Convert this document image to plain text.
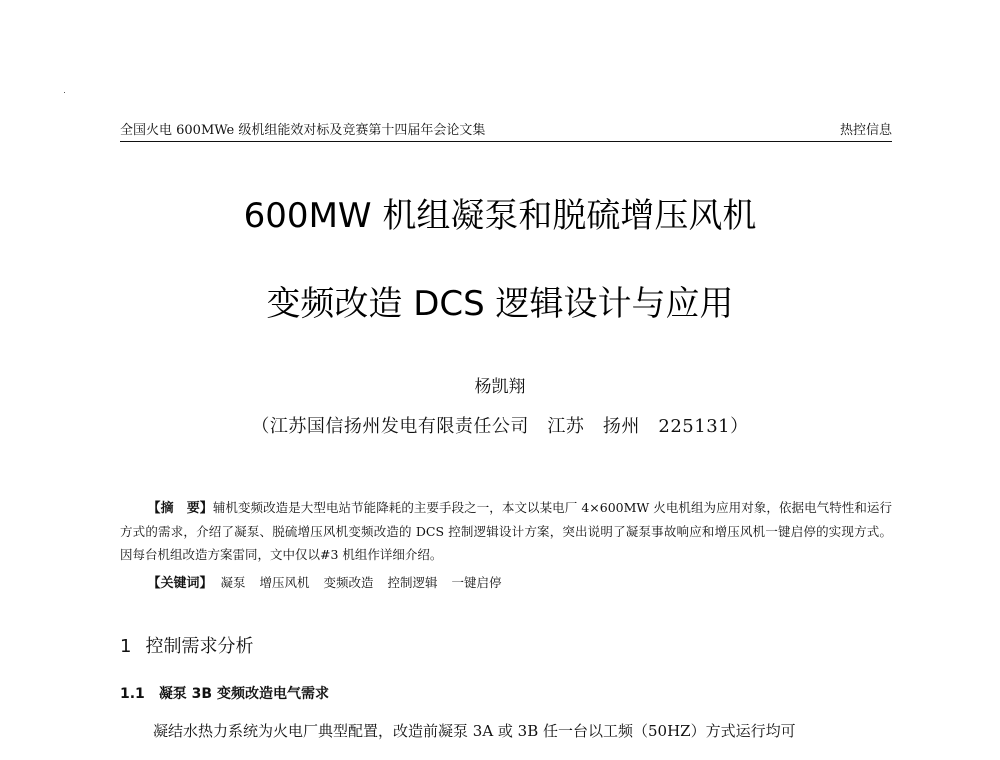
全国火电 600MWe 级机组能效对标及竞赛第十四届年会论文集	热控信息
600MW 机组凝泵和脱硫增压风机
变频改造 DCS 逻辑设计与应用
杨凯翔
（江苏国信扬州发电有限责任公司　江苏　扬州　225131）
【摘　要】辅机变频改造是大型电站节能降耗的主要手段之一，本文以某电厂 4×600MW 火电机组为应用对象，依据电气特性和运行方式的需求，介绍了凝泵、脱硫增压风机变频改造的 DCS 控制逻辑设计方案，突出说明了凝泵事故响应和增压风机一键启停的实现方式。因每台机组改造方案雷同，文中仅以#3 机组作详细介绍。
【关键词】 凝泵 增压风机 变频改造 控制逻辑 一键启停
1 控制需求分析
1.1 凝泵 3B 变频改造电气需求
凝结水热力系统为火电厂典型配置，改造前凝泵 3A 或 3B 任一台以工频（50HZ）方式运行均可
